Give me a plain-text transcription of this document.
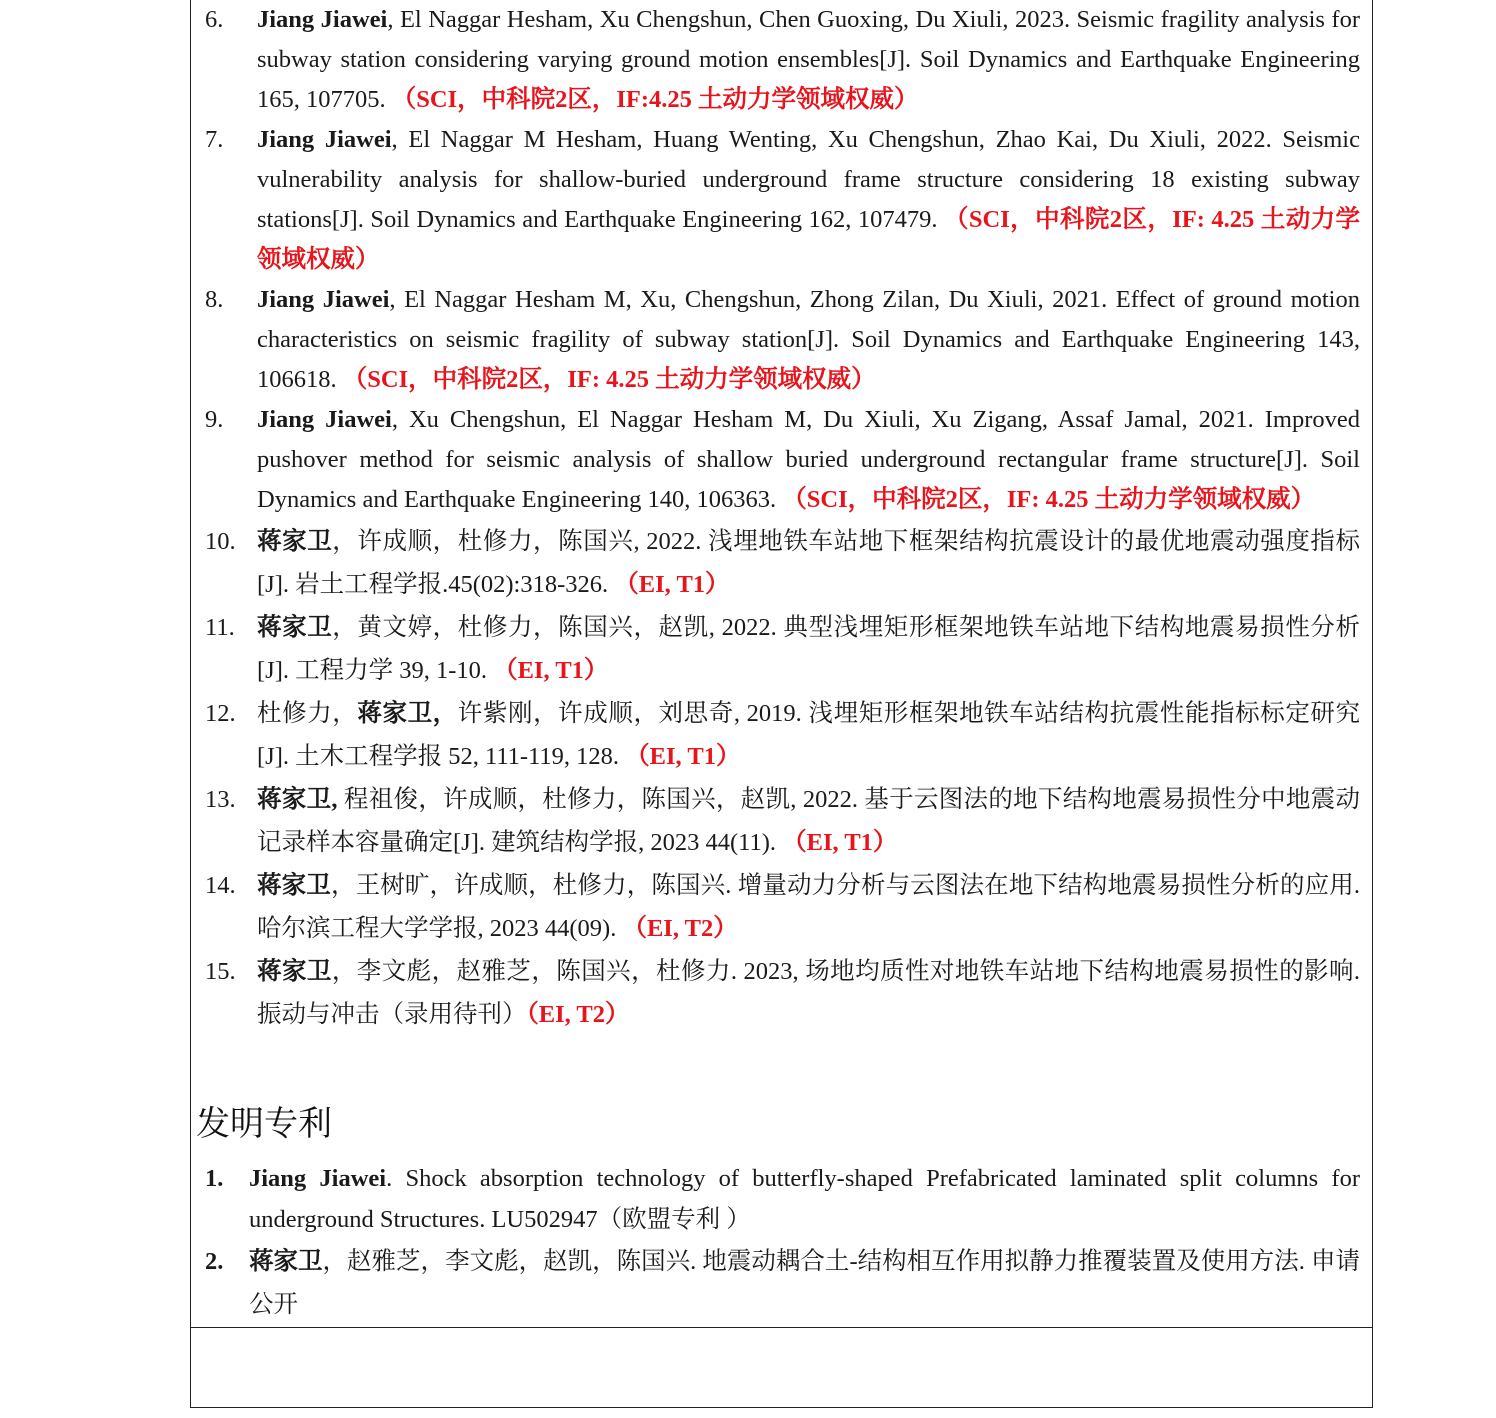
6. Jiang Jiawei, El Naggar Hesham, Xu Chengshun, Chen Guoxing, Du Xiuli, 2023. Seismic fragility analysis for subway station considering varying ground motion ensembles[J]. Soil Dynamics and Earthquake Engineering 165, 107705. （SCI，中科院2区，IF:4.25 土动力学领域权威）
7. Jiang Jiawei, El Naggar M Hesham, Huang Wenting, Xu Chengshun, Zhao Kai, Du Xiuli, 2022. Seismic vulnerability analysis for shallow-buried underground frame structure considering 18 existing subway stations[J]. Soil Dynamics and Earthquake Engineering 162, 107479. （SCI，中科院2区，IF: 4.25 土动力学领域权威）
8. Jiang Jiawei, El Naggar Hesham M, Xu, Chengshun, Zhong Zilan, Du Xiuli, 2021. Effect of ground motion characteristics on seismic fragility of subway station[J]. Soil Dynamics and Earthquake Engineering 143, 106618. （SCI，中科院2区，IF: 4.25 土动力学领域权威）
9. Jiang Jiawei, Xu Chengshun, El Naggar Hesham M, Du Xiuli, Xu Zigang, Assaf Jamal, 2021. Improved pushover method for seismic analysis of shallow buried underground rectangular frame structure[J]. Soil Dynamics and Earthquake Engineering 140, 106363. （SCI，中科院2区，IF: 4.25 土动力学领域权威）
10. 蒋家卫，许成顺，杜修力，陈国兴, 2022. 浅埋地铁车站地下框架结构抗震设计的最优地震动强度指标[J]. 岩土工程学报.45(02):318-326. （EI, T1）
11. 蒋家卫，黄文婷，杜修力，陈国兴，赵凯, 2022. 典型浅埋矩形框架地铁车站地下结构地震易损性分析[J]. 工程力学 39, 1-10. （EI, T1）
12. 杜修力，蒋家卫，许紫刚，许成顺，刘思奇, 2019. 浅埋矩形框架地铁车站结构抗震性能指标标定研究[J]. 土木工程学报 52, 111-119, 128. （EI, T1）
13. 蒋家卫, 程祖俊，许成顺，杜修力，陈国兴，赵凯, 2022. 基于云图法的地下结构地震易损性分中地震动记录样本容量确定[J]. 建筑结构学报, 2023 44(11). （EI, T1）
14. 蒋家卫，王树旷，许成顺，杜修力，陈国兴. 增量动力分析与云图法在地下结构地震易损性分析的应用.哈尔滨工程大学学报, 2023 44(09). （EI, T2）
15. 蒋家卫，李文彪，赵雅芝，陈国兴，杜修力. 2023, 场地均质性对地铁车站地下结构地震易损性的影响. 振动与冲击（录用待刊）（EI, T2）
发明专利
1. Jiang Jiawei. Shock absorption technology of butterfly-shaped Prefabricated laminated split columns for underground Structures. LU502947（欧盟专利 ）
2. 蒋家卫，赵雅芝，李文彪，赵凯，陈国兴. 地震动耦合土-结构相互作用拟静力推覆装置及使用方法. 申请公开
